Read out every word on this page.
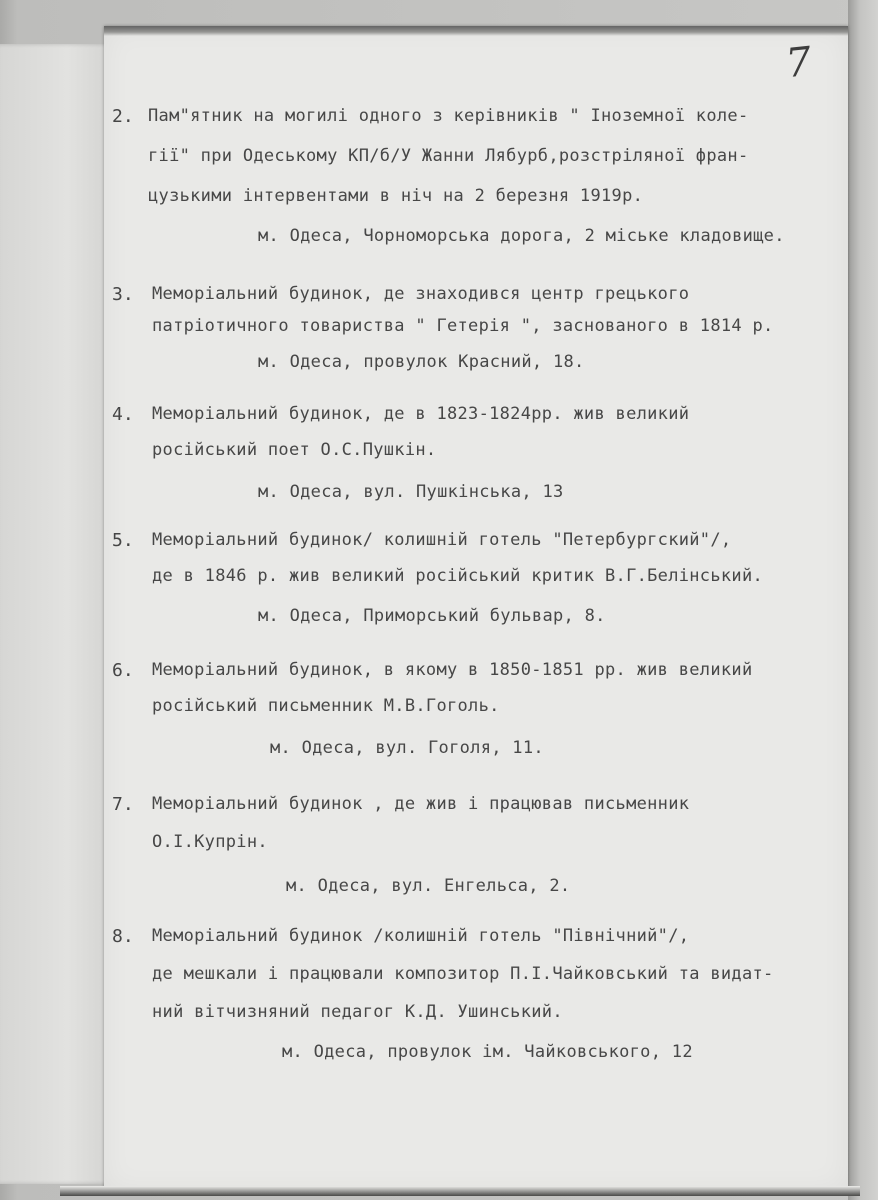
7
2. Пам"ятник на могилі одного з керівників " Іноземної коле-
гії" при Одеському КП/б/У Жанни Лябурб,розстріляної фран-
цузькими інтервентами в ніч на 2 березня 1919р.
м. Одеса, Чорноморська дорога, 2 міське кладовище.
3. Меморіальний будинок, де знаходився центр грецького
патріотичного товариства " Гетерія ", заснованого в 1814 р.
м. Одеса, провулок Красний, 18.
4. Меморіальний будинок, де в 1823-1824рр. жив великий
російський поет О.С.Пушкін.
м. Одеса, вул. Пушкінська, 13
5. Меморіальний будинок/ колишній готель "Петербургский"/,
де в 1846 р. жив великий російський критик В.Г.Белінський.
м. Одеса, Приморський бульвар, 8.
6. Меморіальний будинок, в якому в 1850-1851 рр. жив великий
російський письменник М.В.Гоголь.
м. Одеса, вул. Гоголя, 11.
7. Меморіальний будинок , де жив і працював письменник
О.І.Купрін.
м. Одеса, вул. Енгельса, 2.
8. Меморіальний будинок /колишній готель "Північний"/,
де мешкали і працювали композитор П.І.Чайковський та видат-
ний вітчизняний педагог К.Д. Ушинський.
м. Одеса, провулок ім. Чайковського, 12
